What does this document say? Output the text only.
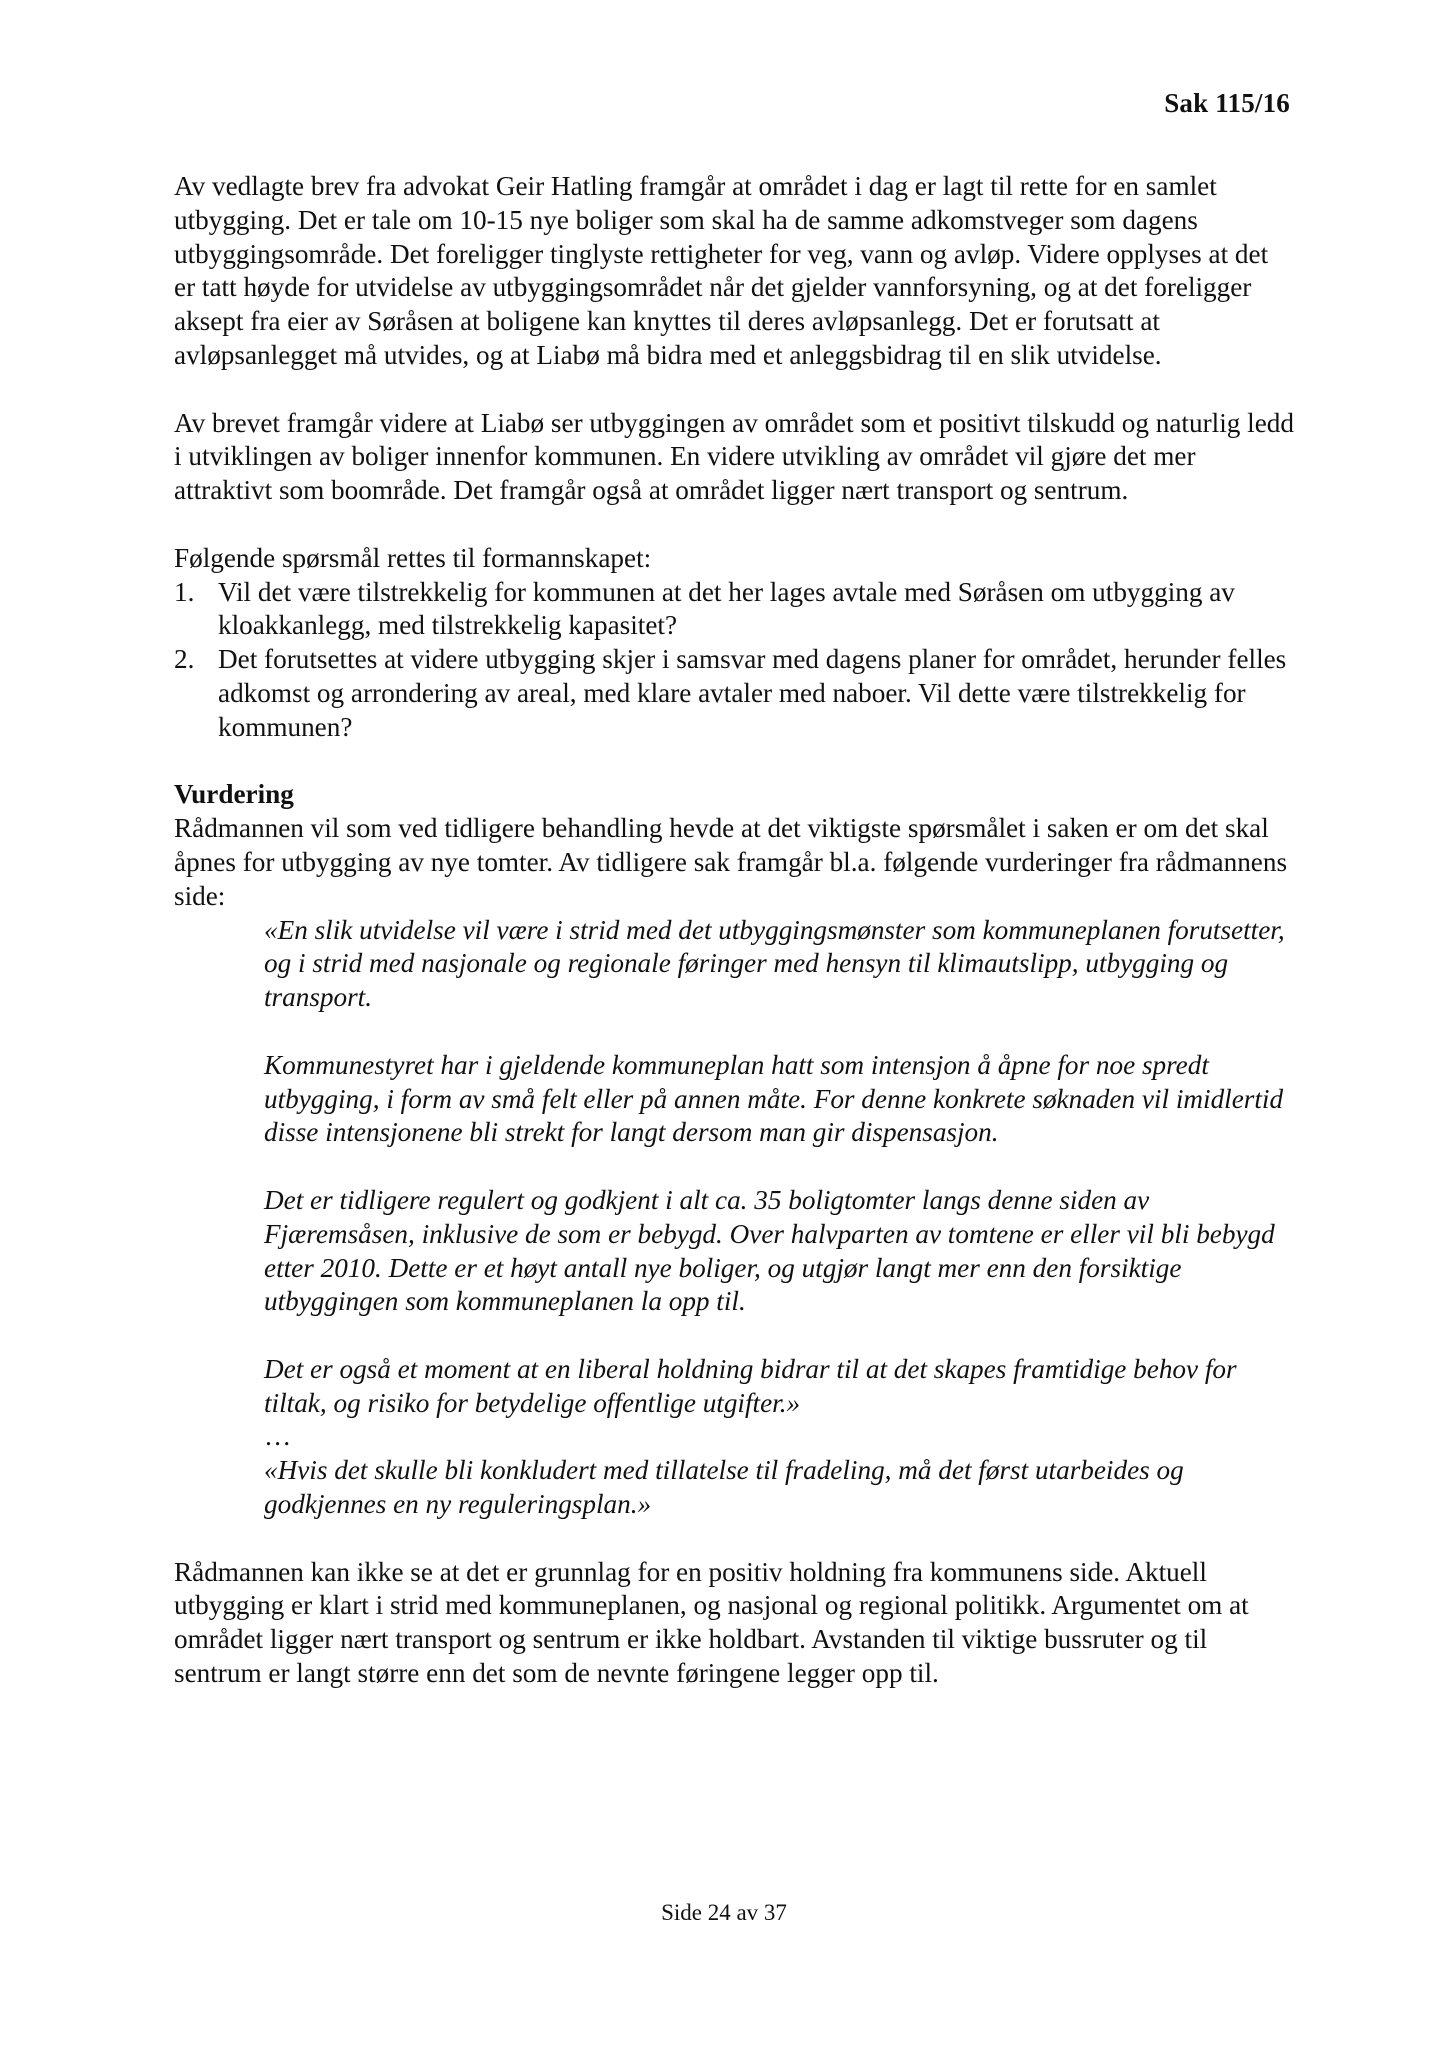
Sak 115/16

Av vedlagte brev fra advokat Geir Hatling framgår at området i dag er lagt til rette for en samlet utbygging. Det er tale om 10-15 nye boliger som skal ha de samme adkomstveger som dagens utbyggingsområde. Det foreligger tinglyste rettigheter for veg, vann og avløp. Videre opplyses at det er tatt høyde for utvidelse av utbyggingsområdet når det gjelder vannforsyning, og at det foreligger aksept fra eier av Søråsen at boligene kan knyttes til deres avløpsanlegg. Det er forutsatt at avløpsanlegget må utvides, og at Liabø må bidra med et anleggsbidrag til en slik utvidelse.

Av brevet framgår videre at Liabø ser utbyggingen av området som et positivt tilskudd og naturlig ledd i utviklingen av boliger innenfor kommunen. En videre utvikling av området vil gjøre det mer attraktivt som boområde. Det framgår også at området ligger nært transport og sentrum.

Følgende spørsmål rettes til formannskapet:

1. Vil det være tilstrekkelig for kommunen at det her lages avtale med Søråsen om utbygging av kloakkanlegg, med tilstrekkelig kapasitet?
2. Det forutsettes at videre utbygging skjer i samsvar med dagens planer for området, herunder felles adkomst og arrondering av areal, med klare avtaler med naboer. Vil dette være tilstrekkelig for kommunen?

Vurdering

Rådmannen vil som ved tidligere behandling hevde at det viktigste spørsmålet i saken er om det skal åpnes for utbygging av nye tomter. Av tidligere sak framgår bl.a. følgende vurderinger fra rådmannens side:

«En slik utvidelse vil være i strid med det utbyggingsmønster som kommuneplanen forutsetter, og i strid med nasjonale og regionale føringer med hensyn til klimautslipp, utbygging og transport.

Kommunestyret har i gjeldende kommuneplan hatt som intensjon å åpne for noe spredt utbygging, i form av små felt eller på annen måte. For denne konkrete søknaden vil imidlertid disse intensjonene bli strekt for langt dersom man gir dispensasjon.

Det er tidligere regulert og godkjent i alt ca. 35 boligtomter langs denne siden av Fjæremsåsen, inklusive de som er bebygd. Over halvparten av tomtene er eller vil bli bebygd etter 2010. Dette er et høyt antall nye boliger, og utgjør langt mer enn den forsiktige utbyggingen som kommuneplanen la opp til.

Det er også et moment at en liberal holdning bidrar til at det skapes framtidige behov for tiltak, og risiko for betydelige offentlige utgifter.»

…

«Hvis det skulle bli konkludert med tillatelse til fradeling, må det først utarbeides og godkjennes en ny reguleringsplan.»

Rådmannen kan ikke se at det er grunnlag for en positiv holdning fra kommunens side. Aktuell utbygging er klart i strid med kommuneplanen, og nasjonal og regional politikk. Argumentet om at området ligger nært transport og sentrum er ikke holdbart. Avstanden til viktige bussruter og til sentrum er langt større enn det som de nevnte føringene legger opp til.

Side 24 av 37
